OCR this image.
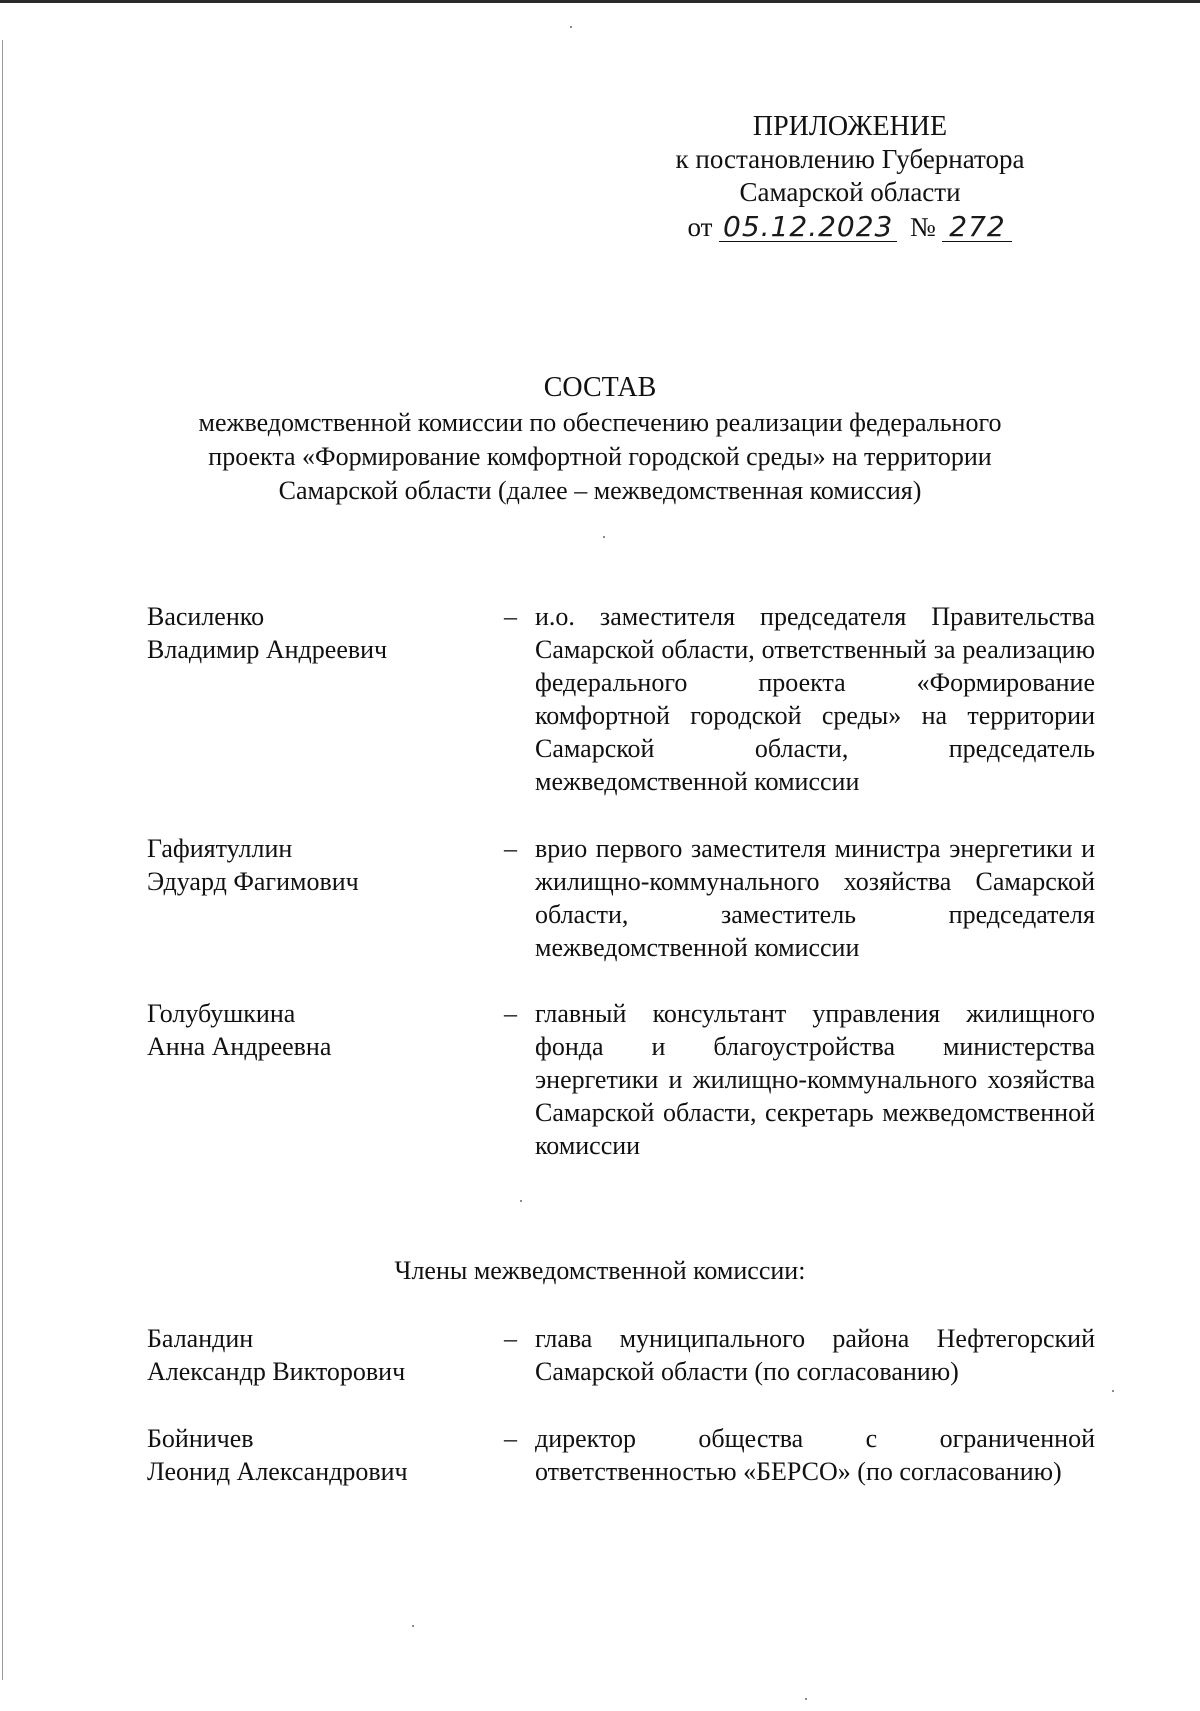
ПРИЛОЖЕНИЕ
к постановлению Губернатора
Самарской области
от 05.12.2023 № 272
СОСТАВ
межведомственной комиссии по обеспечению реализации федерального
проекта «Формирование комфортной городской среды» на территории
Самарской области (далее – межведомственная комиссия)
Василенко
Владимир Андреевич
– и.о. заместителя председателя Правительства Самарской области, ответственный за реализацию федерального проекта «Формирование комфортной городской среды» на территории Самарской области, председатель межведомственной комиссии
Гафиятуллин
Эдуард Фагимович
– врио первого заместителя министра энергетики и жилищно-коммунального хозяйства Самарской области, заместитель председателя межведомственной комиссии
Голубушкина
Анна Андреевна
– главный консультант управления жилищного фонда и благоустройства министерства энергетики и жилищно-коммунального хозяйства Самарской области, секретарь межведомственной комиссии
Члены межведомственной комиссии:
Баландин
Александр Викторович
– глава муниципального района Нефтегорский Самарской области (по согласованию)
Бойничев
Леонид Александрович
– директор общества с ограниченной ответственностью «БЕРСО» (по согласованию)
